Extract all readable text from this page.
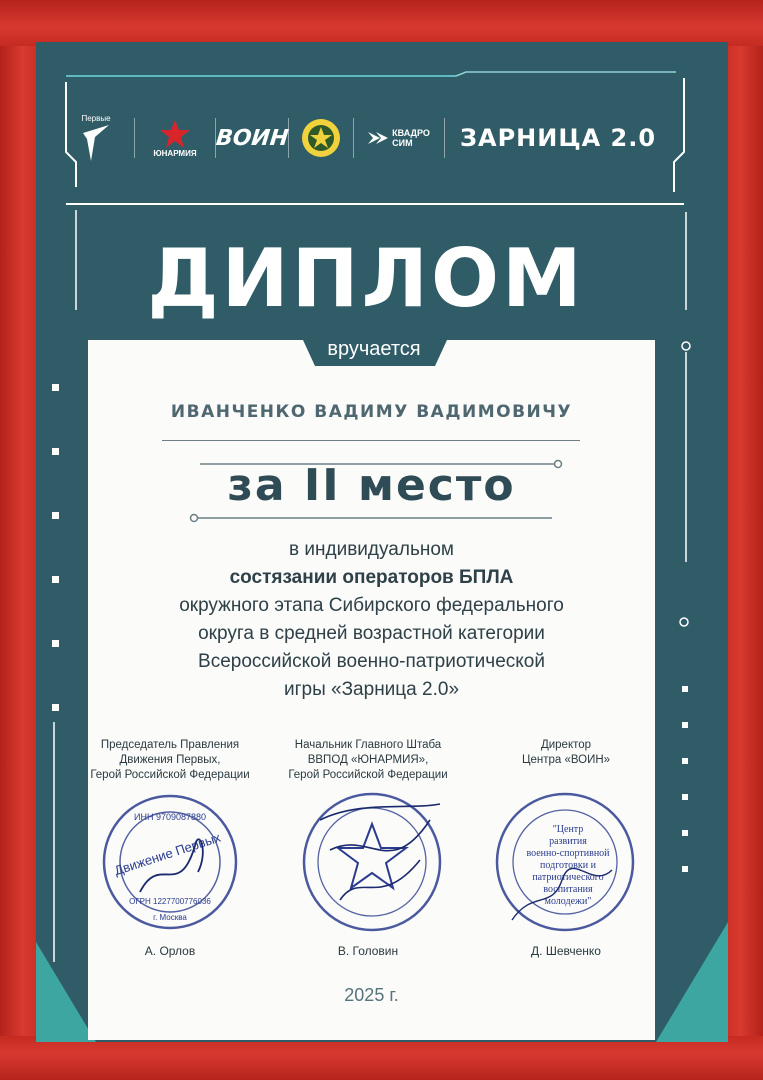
Первые
ЮНАРМИЯ
ВОИН	КВАДРО
СИМ	ЗАРНИЦА 2.0
ДИПЛОМ
вручается
ИВАНЧЕНКО ВАДИМУ ВАДИМОВИЧУ
за II место
в индивидуальном
состязании операторов БПЛА
окружного этапа Сибирского федерального
округа в средней возрастной категории
Всероссийской военно-патриотической
игры «Зарница 2.0»
Председатель Правления
Движения Первых,
Герой Российской Федерации
Начальник Главного Штаба
ВВПОД «ЮНАРМИЯ»,
Герой Российской Федерации
Директор
Центра «ВОИН»
ИНН 9709087880
Движение Первых
ОГРН 1227700776036
г. Москва
"Центр
развития
военно-спортивной
подготовки и
патриотического
воспитания
молодежи"
А. Орлов	В. Головин	Д. Шевченко
2025 г.
